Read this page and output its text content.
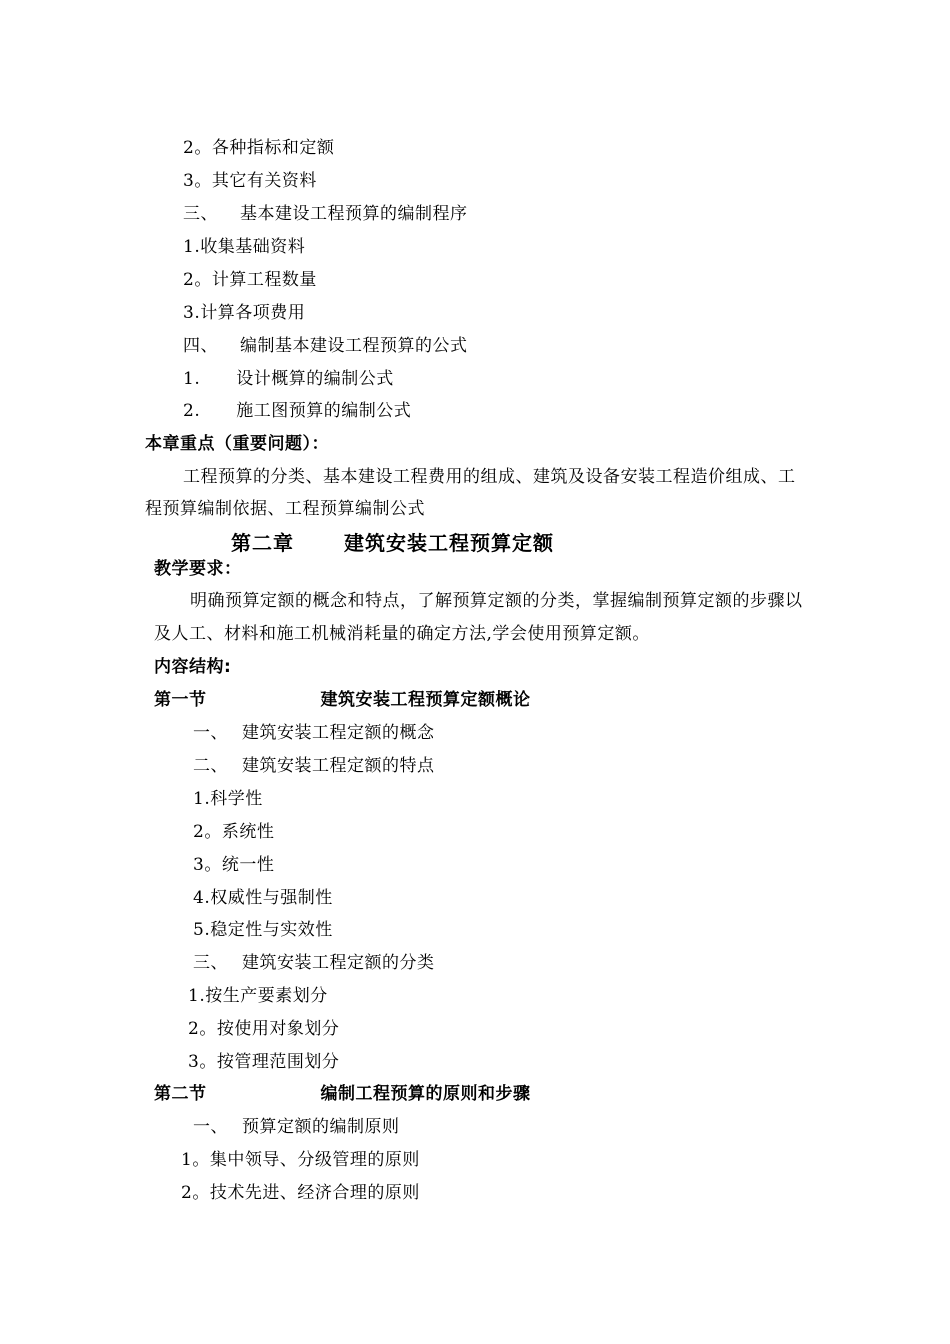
2。各种指标和定额
3。其它有关资料
三、 基本建设工程预算的编制程序
1.收集基础资料
2。计算工程数量
3.计算各项费用
四、 编制基本建设工程预算的公式
1. 设计概算的编制公式
2. 施工图预算的编制公式
本章重点（重要问题）：
工程预算的分类、基本建设工程费用的组成、建筑及设备安装工程造价组成、工
程预算编制依据、工程预算编制公式
第二章	建筑安装工程预算定额
教学要求：
明确预算定额的概念和特点，了解预算定额的分类，掌握编制预算定额的步骤以
及人工、材料和施工机械消耗量的确定方法,学会使用预算定额。
内容结构:
第一节	建筑安装工程预算定额概论
一、 建筑安装工程定额的概念
二、 建筑安装工程定额的特点
1.科学性
2。系统性
3。统一性
4.权威性与强制性
5.稳定性与实效性
三、 建筑安装工程定额的分类
1.按生产要素划分
2。按使用对象划分
3。按管理范围划分
第二节	编制工程预算的原则和步骤
一、 预算定额的编制原则
1。集中领导、分级管理的原则
2。技术先进、经济合理的原则
